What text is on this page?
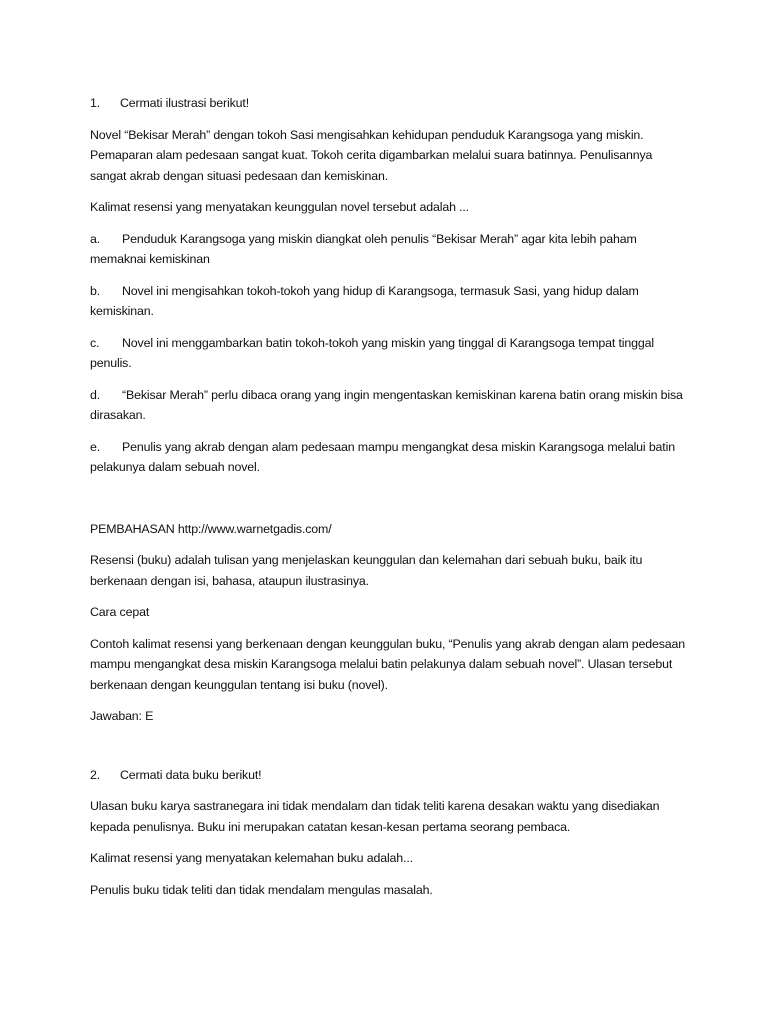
1. Cermati ilustrasi berikut!

Novel “Bekisar Merah” dengan tokoh Sasi mengisahkan kehidupan penduduk Karangsoga yang miskin. Pemaparan alam pedesaan sangat kuat. Tokoh cerita digambarkan melalui suara batinnya. Penulisannya sangat akrab dengan situasi pedesaan dan kemiskinan.

Kalimat resensi yang menyatakan keunggulan novel tersebut adalah ...

a. Penduduk Karangsoga yang miskin diangkat oleh penulis “Bekisar Merah” agar kita lebih paham memaknai kemiskinan

b. Novel ini mengisahkan tokoh-tokoh yang hidup di Karangsoga, termasuk Sasi, yang hidup dalam kemiskinan.

c. Novel ini menggambarkan batin tokoh-tokoh yang miskin yang tinggal di Karangsoga tempat tinggal penulis.

d. “Bekisar Merah” perlu dibaca orang yang ingin mengentaskan kemiskinan karena batin orang miskin bisa dirasakan.

e. Penulis yang akrab dengan alam pedesaan mampu mengangkat desa miskin Karangsoga melalui batin pelakunya dalam sebuah novel.

PEMBAHASAN http://www.warnetgadis.com/

Resensi (buku) adalah tulisan yang menjelaskan keunggulan dan kelemahan dari sebuah buku, baik itu berkenaan dengan isi, bahasa, ataupun ilustrasinya.

Cara cepat

Contoh kalimat resensi yang berkenaan dengan keunggulan buku, “Penulis yang akrab dengan alam pedesaan mampu mengangkat desa miskin Karangsoga melalui batin pelakunya dalam sebuah novel”. Ulasan tersebut berkenaan dengan keunggulan tentang isi buku (novel).

Jawaban: E

2. Cermati data buku berikut!

Ulasan buku karya sastranegara ini tidak mendalam dan tidak teliti karena desakan waktu yang disediakan kepada penulisnya. Buku ini merupakan catatan kesan-kesan pertama seorang pembaca.

Kalimat resensi yang menyatakan kelemahan buku adalah...

Penulis buku tidak teliti dan tidak mendalam mengulas masalah.
